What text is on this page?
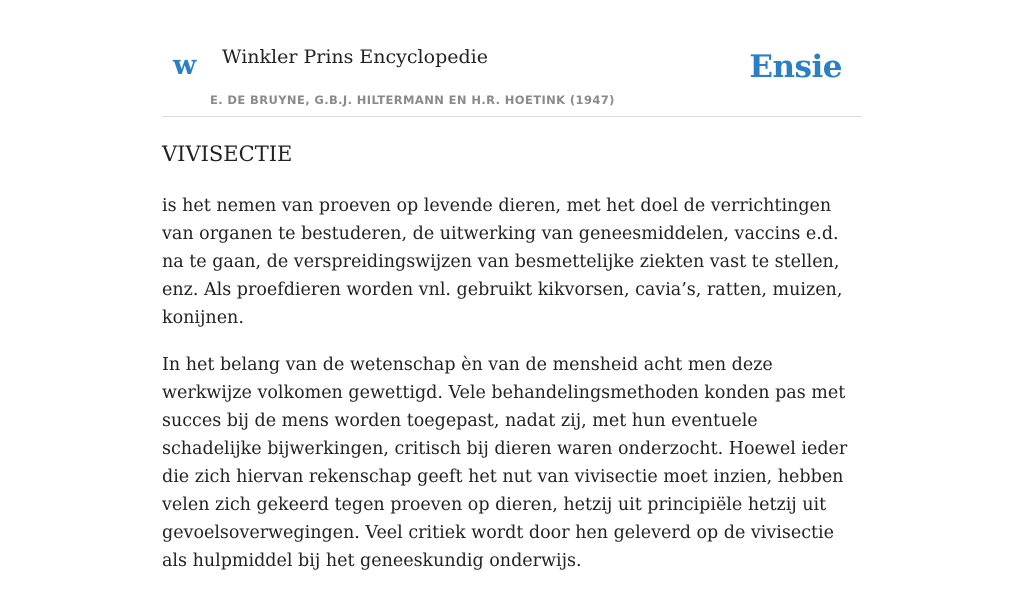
w Winkler Prins Encyclopedie
E. DE BRUYNE, G.B.J. HILTERMANN EN H.R. HOETINK (1947)
Ensie
VIVISECTIE

is het nemen van proeven op levende dieren, met het doel de verrichtingen van organen te bestuderen, de uitwerking van geneesmiddelen, vaccins e.d. na te gaan, de verspreidingswijzen van besmettelijke ziekten vast te stellen, enz. Als proefdieren worden vnl. gebruikt kikvorsen, cavia’s, ratten, muizen, konijnen.

In het belang van de wetenschap èn van de mensheid acht men deze werkwijze volkomen gewettigd. Vele behandelingsmethoden konden pas met succes bij de mens worden toegepast, nadat zij, met hun eventuele schadelijke bijwerkingen, critisch bij dieren waren onderzocht. Hoewel ieder die zich hiervan rekenschap geeft het nut van vivisectie moet inzien, hebben velen zich gekeerd tegen proeven op dieren, hetzij uit principiële hetzij uit gevoelsoverwegingen. Veel critiek wordt door hen geleverd op de vivisectie als hulpmiddel bij het geneeskundig onderwijs.
